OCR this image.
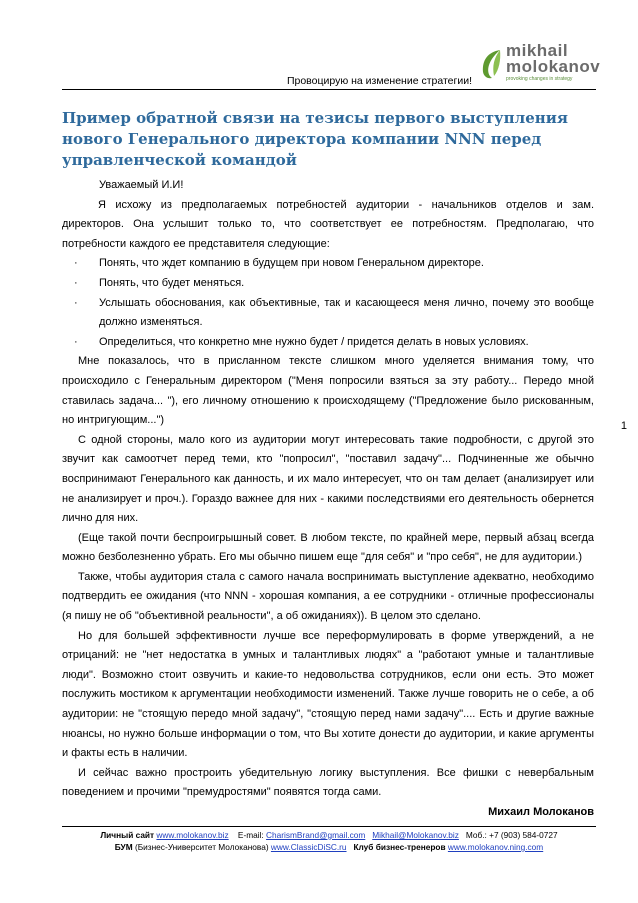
Провоцирую на изменение стратегии!
mikhail
molokanov
provoking changes in strategy
Пример обратной связи на тезисы первого выступления нового Генерального директора компании NNN перед управленческой командой

Уважаемый И.И!

Я исхожу из предполагаемых потребностей аудитории - начальников отделов и зам. директоров. Она услышит только то, что соответствует ее потребностям. Предполагаю, что потребности каждого ее представителя следующие:

· Понять, что ждет компанию в будущем при новом Генеральном директоре.

· Понять, что будет меняться.

· Услышать обоснования, как объективные, так и касающееся меня лично, почему это вообще должно изменяться.

· Определиться, что конкретно мне нужно будет / придется делать в новых условиях.

Мне показалось, что в присланном тексте слишком много уделяется внимания тому, что происходило с Генеральным директором ("Меня попросили взяться за эту работу... Передо мной ставилась задача... "), его личному отношению к происходящему ("Предложение было рискованным, но интригующим...")

С одной стороны, мало кого из аудитории могут интересовать такие подробности, с другой это звучит как самоотчет перед теми, кто "попросил", "поставил задачу"... Подчиненные же обычно воспринимают Генерального как данность, и их мало интересует, что он там делает (анализирует или не анализирует и проч.). Гораздо важнее для них - какими последствиями его деятельность обернется лично для них.

(Еще такой почти беспроигрышный совет. В любом тексте, по крайней мере, первый абзац всегда можно безболезненно убрать. Его мы обычно пишем еще "для себя" и "про себя", не для аудитории.)

Также, чтобы аудитория стала с самого начала воспринимать выступление адекватно, необходимо подтвердить ее ожидания (что NNN - хорошая компания, а ее сотрудники - отличные профессионалы (я пишу не об "объективной реальности", а об ожиданиях)). В целом это сделано.

Но для большей эффективности лучше все переформулировать в форме утверждений, а не отрицаний: не "нет недостатка в умных и талантливых людях" а "работают умные и талантливые люди". Возможно стоит озвучить и какие-то недовольства сотрудников, если они есть. Это может послужить мостиком к аргументации необходимости изменений. Также лучше говорить не о себе, а об аудитории: не "стоящую передо мной задачу", "стоящую перед нами задачу".... Есть и другие важные нюансы, но нужно больше информации о том, что Вы хотите донести до аудитории, и какие аргументы и факты есть в наличии.

И сейчас важно простроить убедительную логику выступления. Все фишки с невербальным поведением и прочими "премудростями" появятся тогда сами.

Михаил Молоканов

1
Личный сайт www.molokanov.biz E-mail: CharismBrand@gmail.com Mikhail@Molokanov.biz Моб.: +7 (903) 584-0727
БУМ (Бизнес-Университет Молоканова) www.ClassicDiSC.ru Клуб бизнес-тренеров www.molokanov.ning.com
